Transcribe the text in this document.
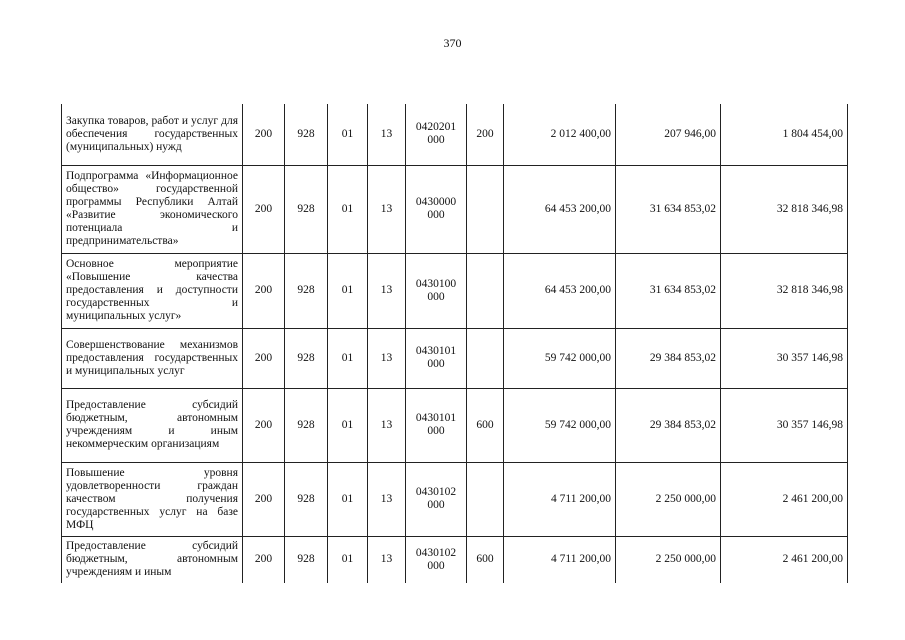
370
Закупка товаров, работ и услуг для обеспечения государственных (муниципальных) нужд	200	928	01	13	0420201
000	200	2 012 400,00	207 946,00	1 804 454,00
Подпрограмма «Информационное общество» государственной программы Республики Алтай «Развитие экономического потенциала и предпринимательства»	200	928	01	13	0430000
000		64 453 200,00	31 634 853,02	32 818 346,98
Основное мероприятие «Повышение качества предоставления и доступности государственных и муниципальных услуг»	200	928	01	13	0430100
000		64 453 200,00	31 634 853,02	32 818 346,98
Совершенствование механизмов предоставления государственных и муниципальных услуг	200	928	01	13	0430101
000		59 742 000,00	29 384 853,02	30 357 146,98
Предоставление субсидий бюджетным, автономным учреждениям и иным некоммерческим организациям	200	928	01	13	0430101
000	600	59 742 000,00	29 384 853,02	30 357 146,98
Повышение уровня удовлетворенности граждан качеством получения государственных услуг на базе МФЦ	200	928	01	13	0430102
000		4 711 200,00	2 250 000,00	2 461 200,00
Предоставление субсидий бюджетным, автономным учреждениям и иным	200	928	01	13	0430102
000	600	4 711 200,00	2 250 000,00	2 461 200,00
